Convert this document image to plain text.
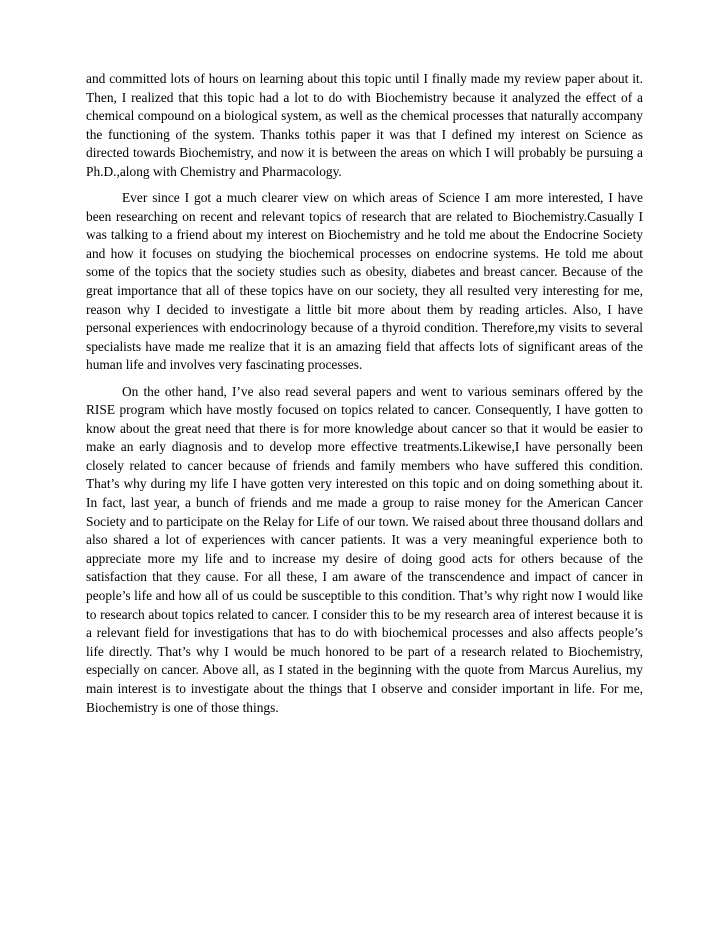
and committed lots of hours on learning about this topic until I finally made my review paper about it. Then, I realized that this topic had a lot to do with Biochemistry because it analyzed the effect of a chemical compound on a biological system, as well as the chemical processes that naturally accompany the functioning of the system. Thanks tothis paper it was that I defined my interest on Science as directed towards Biochemistry, and now it is between the areas on which I will probably be pursuing a Ph.D.,along with Chemistry and Pharmacology.

Ever since I got a much clearer view on which areas of Science I am more interested, I have been researching on recent and relevant topics of research that are related to Biochemistry.Casually I was talking to a friend about my interest on Biochemistry and he told me about the Endocrine Society and how it focuses on studying the biochemical processes on endocrine systems. He told me about some of the topics that the society studies such as obesity, diabetes and breast cancer. Because of the great importance that all of these topics have on our society, they all resulted very interesting for me, reason why I decided to investigate a little bit more about them by reading articles. Also, I have personal experiences with endocrinology because of a thyroid condition. Therefore,my visits to several specialists have made me realize that it is an amazing field that affects lots of significant areas of the human life and involves very fascinating processes.

On the other hand, I’ve also read several papers and went to various seminars offered by the RISE program which have mostly focused on topics related to cancer. Consequently, I have gotten to know about the great need that there is for more knowledge about cancer so that it would be easier to make an early diagnosis and to develop more effective treatments.Likewise,I have personally been closely related to cancer because of friends and family members who have suffered this condition. That’s why during my life I have gotten very interested on this topic and on doing something about it. In fact, last year, a bunch of friends and me made a group to raise money for the American Cancer Society and to participate on the Relay for Life of our town. We raised about three thousand dollars and also shared a lot of experiences with cancer patients. It was a very meaningful experience both to appreciate more my life and to increase my desire of doing good acts for others because of the satisfaction that they cause. For all these, I am aware of the transcendence and impact of cancer in people’s life and how all of us could be susceptible to this condition. That’s why right now I would like to research about topics related to cancer. I consider this to be my research area of interest because it is a relevant field for investigations that has to do with biochemical processes and also affects people’s life directly. That’s why I would be much honored to be part of a research related to Biochemistry, especially on cancer. Above all, as I stated in the beginning with the quote from Marcus Aurelius, my main interest is to investigate about the things that I observe and consider important in life. For me, Biochemistry is one of those things.
